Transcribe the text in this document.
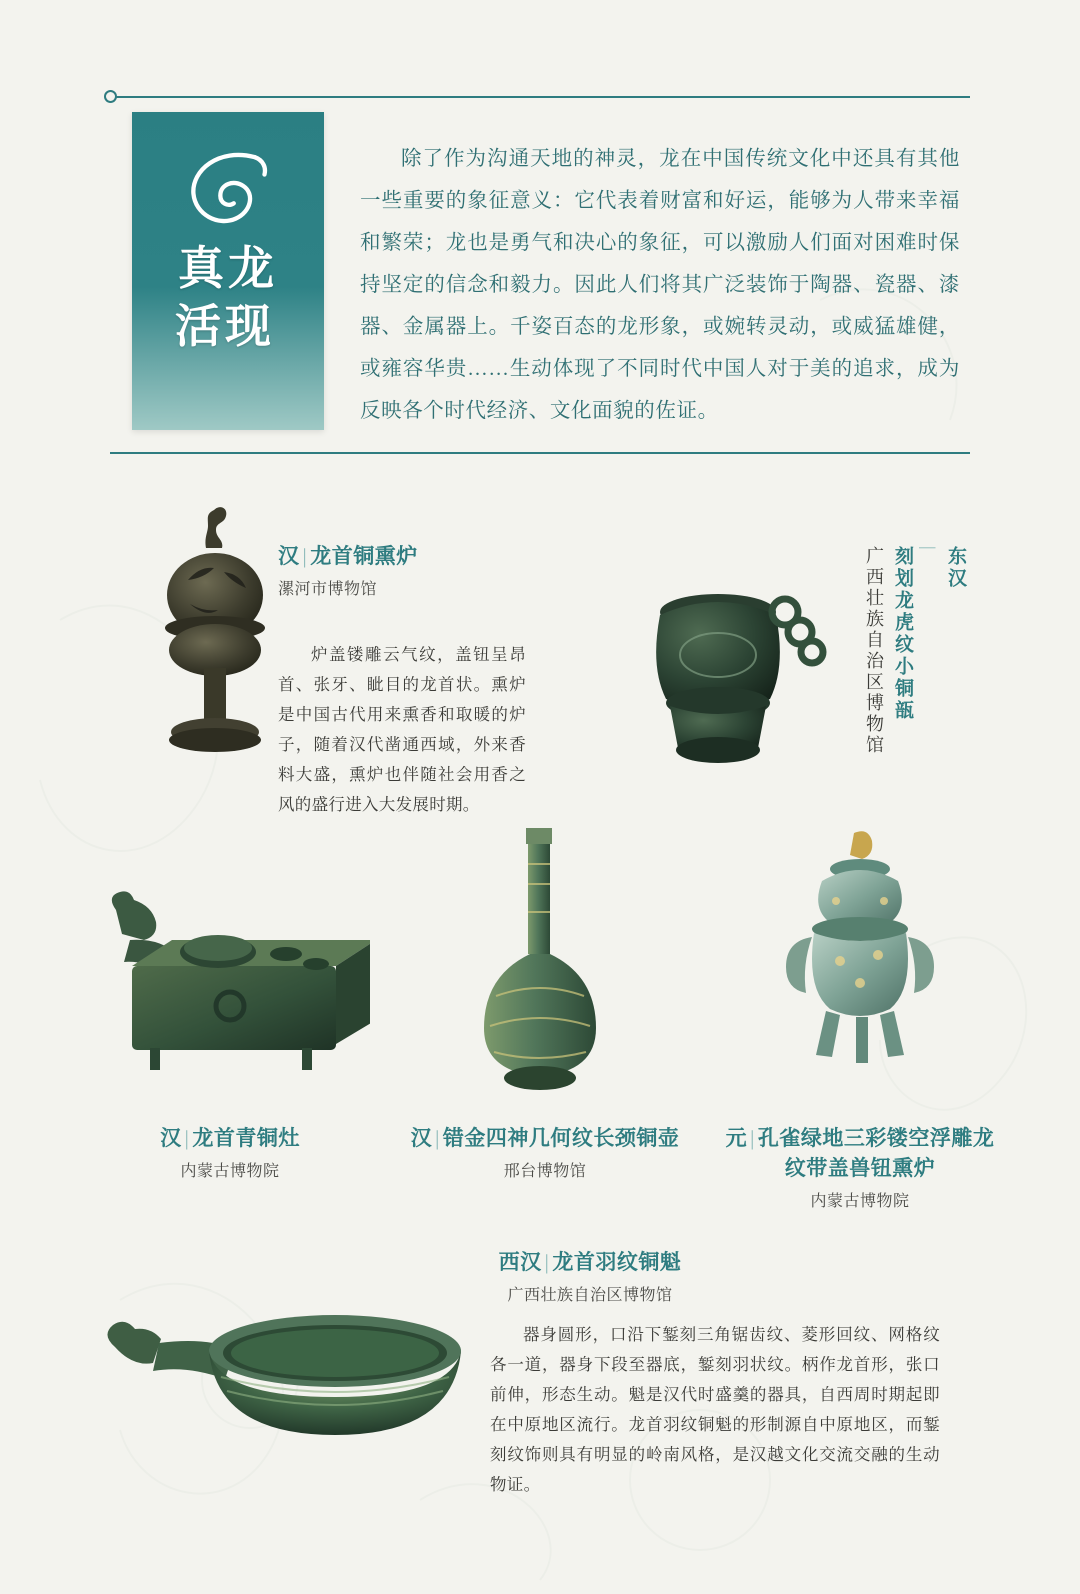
真龙
活现
除了作为沟通天地的神灵，龙在中国传统文化中还具有其他一些重要的象征意义：它代表着财富和好运，能够为人带来幸福和繁荣；龙也是勇气和决心的象征，可以激励人们面对困难时保持坚定的信念和毅力。因此人们将其广泛装饰于陶器、瓷器、漆器、金属器上。千姿百态的龙形象，或婉转灵动，或威猛雄健，或雍容华贵……生动体现了不同时代中国人对于美的追求，成为反映各个时代经济、文化面貌的佐证。
汉 | 龙首铜熏炉
漯河市博物馆
炉盖镂雕云气纹，盖钮呈昂首、张牙、眦目的龙首状。熏炉是中国古代用来熏香和取暖的炉子，随着汉代凿通西域，外来香料大盛，熏炉也伴随社会用香之风的盛行进入大发展时期。
东汉
|
刻划龙虎纹小铜瓿
广西壮族自治区博物馆
汉 | 龙首青铜灶
内蒙古博物院
汉 | 错金四神几何纹长颈铜壶
邢台博物馆
元 | 孔雀绿地三彩镂空浮雕龙纹带盖兽钮熏炉
内蒙古博物院
西汉 | 龙首羽纹铜魁
广西壮族自治区博物馆
器身圆形，口沿下錾刻三角锯齿纹、菱形回纹、网格纹各一道，器身下段至器底，錾刻羽状纹。柄作龙首形，张口前伸，形态生动。魁是汉代时盛羹的器具，自西周时期起即在中原地区流行。龙首羽纹铜魁的形制源自中原地区，而錾刻纹饰则具有明显的岭南风格，是汉越文化交流交融的生动物证。
